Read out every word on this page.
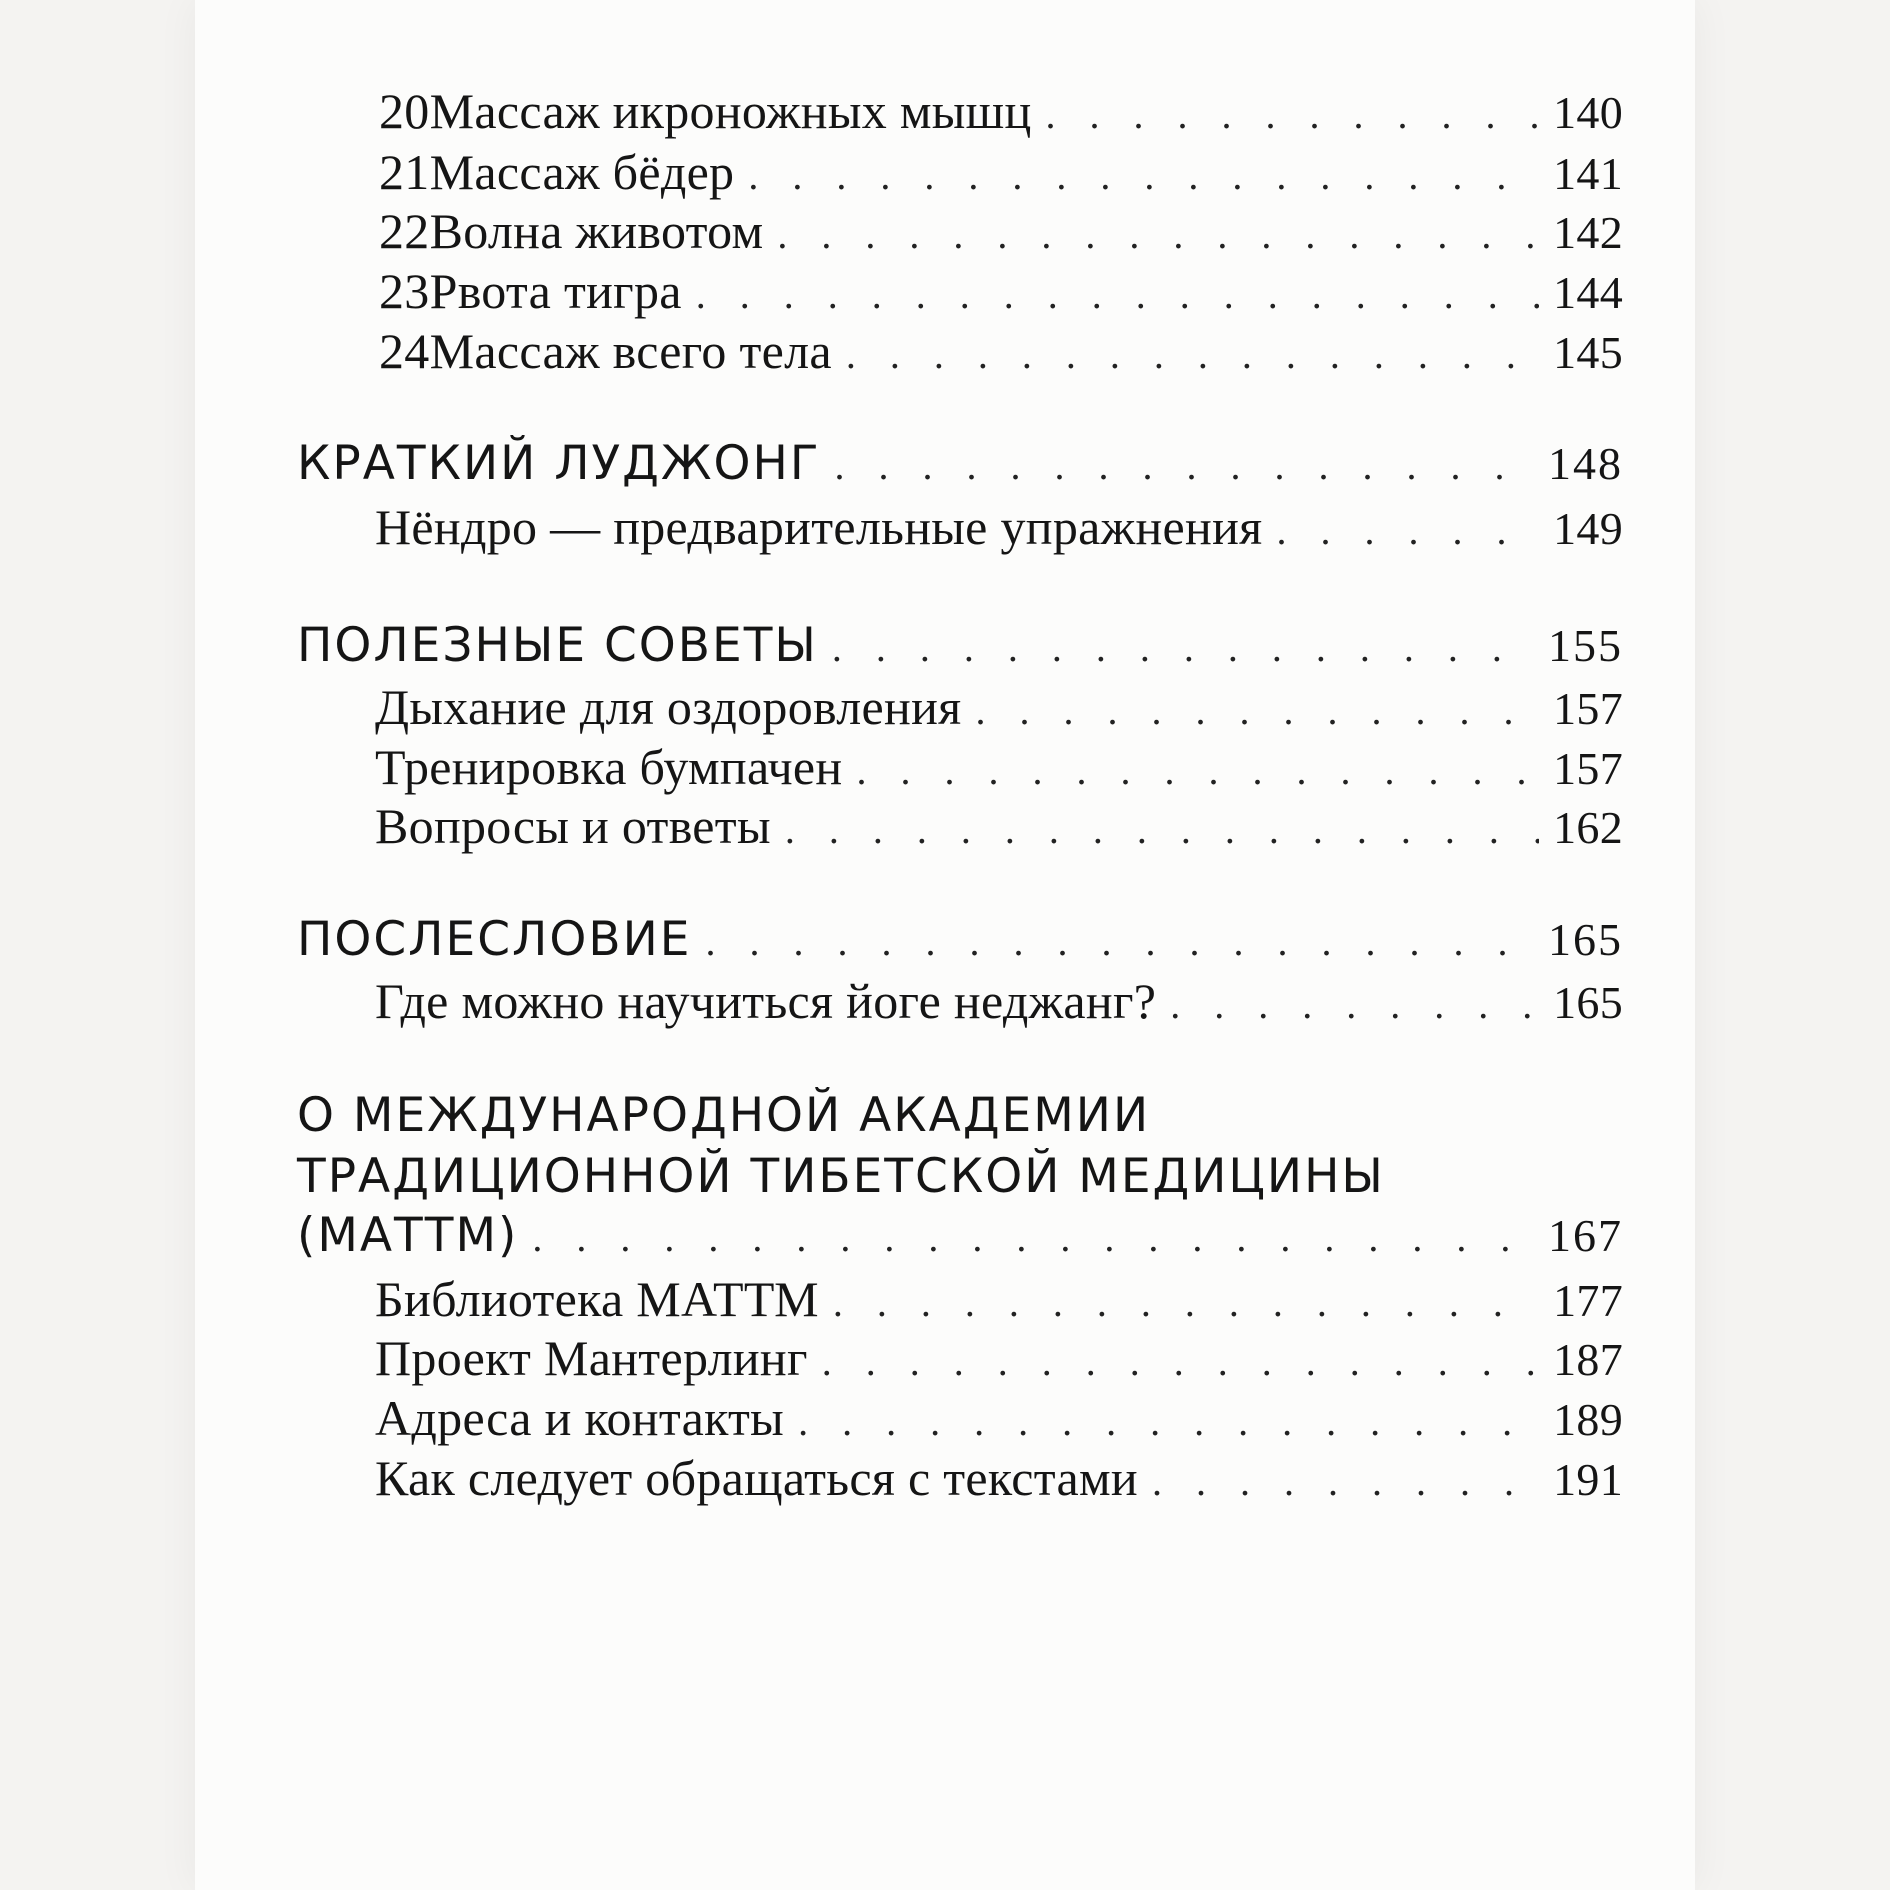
20 Массаж икроножных мышц . . .	140
21 Массаж бёдер . . .	141
22 Волна животом . . .	142
23 Рвота тигра . . .	144
24 Массаж всего тела . . .	145
КРАТКИЙ ЛУДЖОНГ . . .	148
Нёндро — предварительные упражнения . . .	149
ПОЛЕЗНЫЕ СОВЕТЫ . . .	155
Дыхание для оздоровления . . .	157
Тренировка бумпачен . . .	157
Вопросы и ответы . . .	162
ПОСЛЕСЛОВИЕ . . .	165
Где можно научиться йоге неджанг? . . .	165
О МЕЖДУНАРОДНОЙ АКАДЕМИИ
ТРАДИЦИОННОЙ ТИБЕТСКОЙ МЕДИЦИНЫ
(МАТТМ) . . .	167
Библиотека МАТТМ . . .	177
Проект Мантерлинг . . .	187
Адреса и контакты . . .	189
Как следует обращаться с текстами . . .	191
